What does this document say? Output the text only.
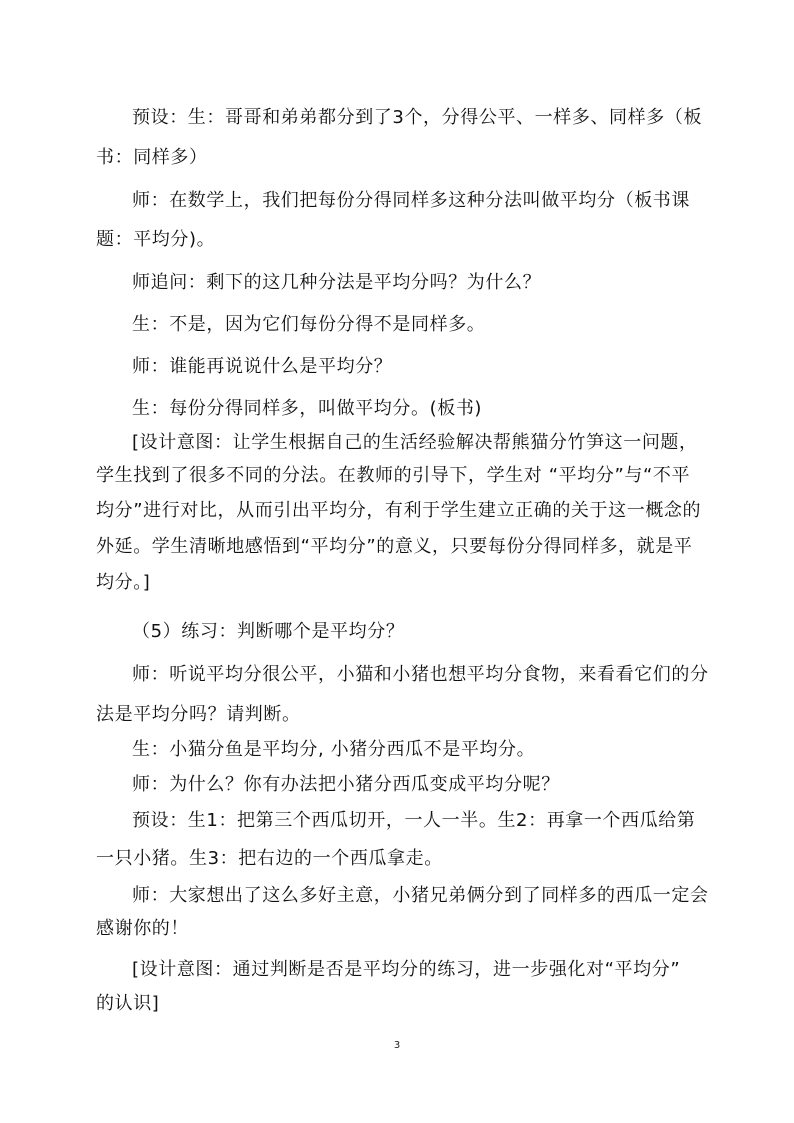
预设：生：哥哥和弟弟都分到了3个，分得公平、一样多、同样多（板
书：同样多）
师：在数学上，我们把每份分得同样多这种分法叫做平均分（板书课
题：平均分)。
师追问：剩下的这几种分法是平均分吗？为什么？
生：不是，因为它们每份分得不是同样多。
师：谁能再说说什么是平均分？
生：每份分得同样多，叫做平均分。(板书)
[设计意图：让学生根据自己的生活经验解决帮熊猫分竹笋这一问题，
学生找到了很多不同的分法。在教师的引导下，学生对 “平均分”与“不平
均分”进行对比，从而引出平均分，有利于学生建立正确的关于这一概念的
外延。学生清晰地感悟到“平均分”的意义，只要每份分得同样多，就是平
均分。]
（5）练习：判断哪个是平均分？
师：听说平均分很公平，小猫和小猪也想平均分食物，来看看它们的分
法是平均分吗？请判断。
生：小猫分鱼是平均分, 小猪分西瓜不是平均分。
师：为什么？你有办法把小猪分西瓜变成平均分呢？
预设：生1：把第三个西瓜切开，一人一半。生2：再拿一个西瓜给第
一只小猪。生3：把右边的一个西瓜拿走。
师：大家想出了这么多好主意，小猪兄弟俩分到了同样多的西瓜一定会
感谢你的！
[设计意图：通过判断是否是平均分的练习，进一步强化对“平均分”
的认识]
3
